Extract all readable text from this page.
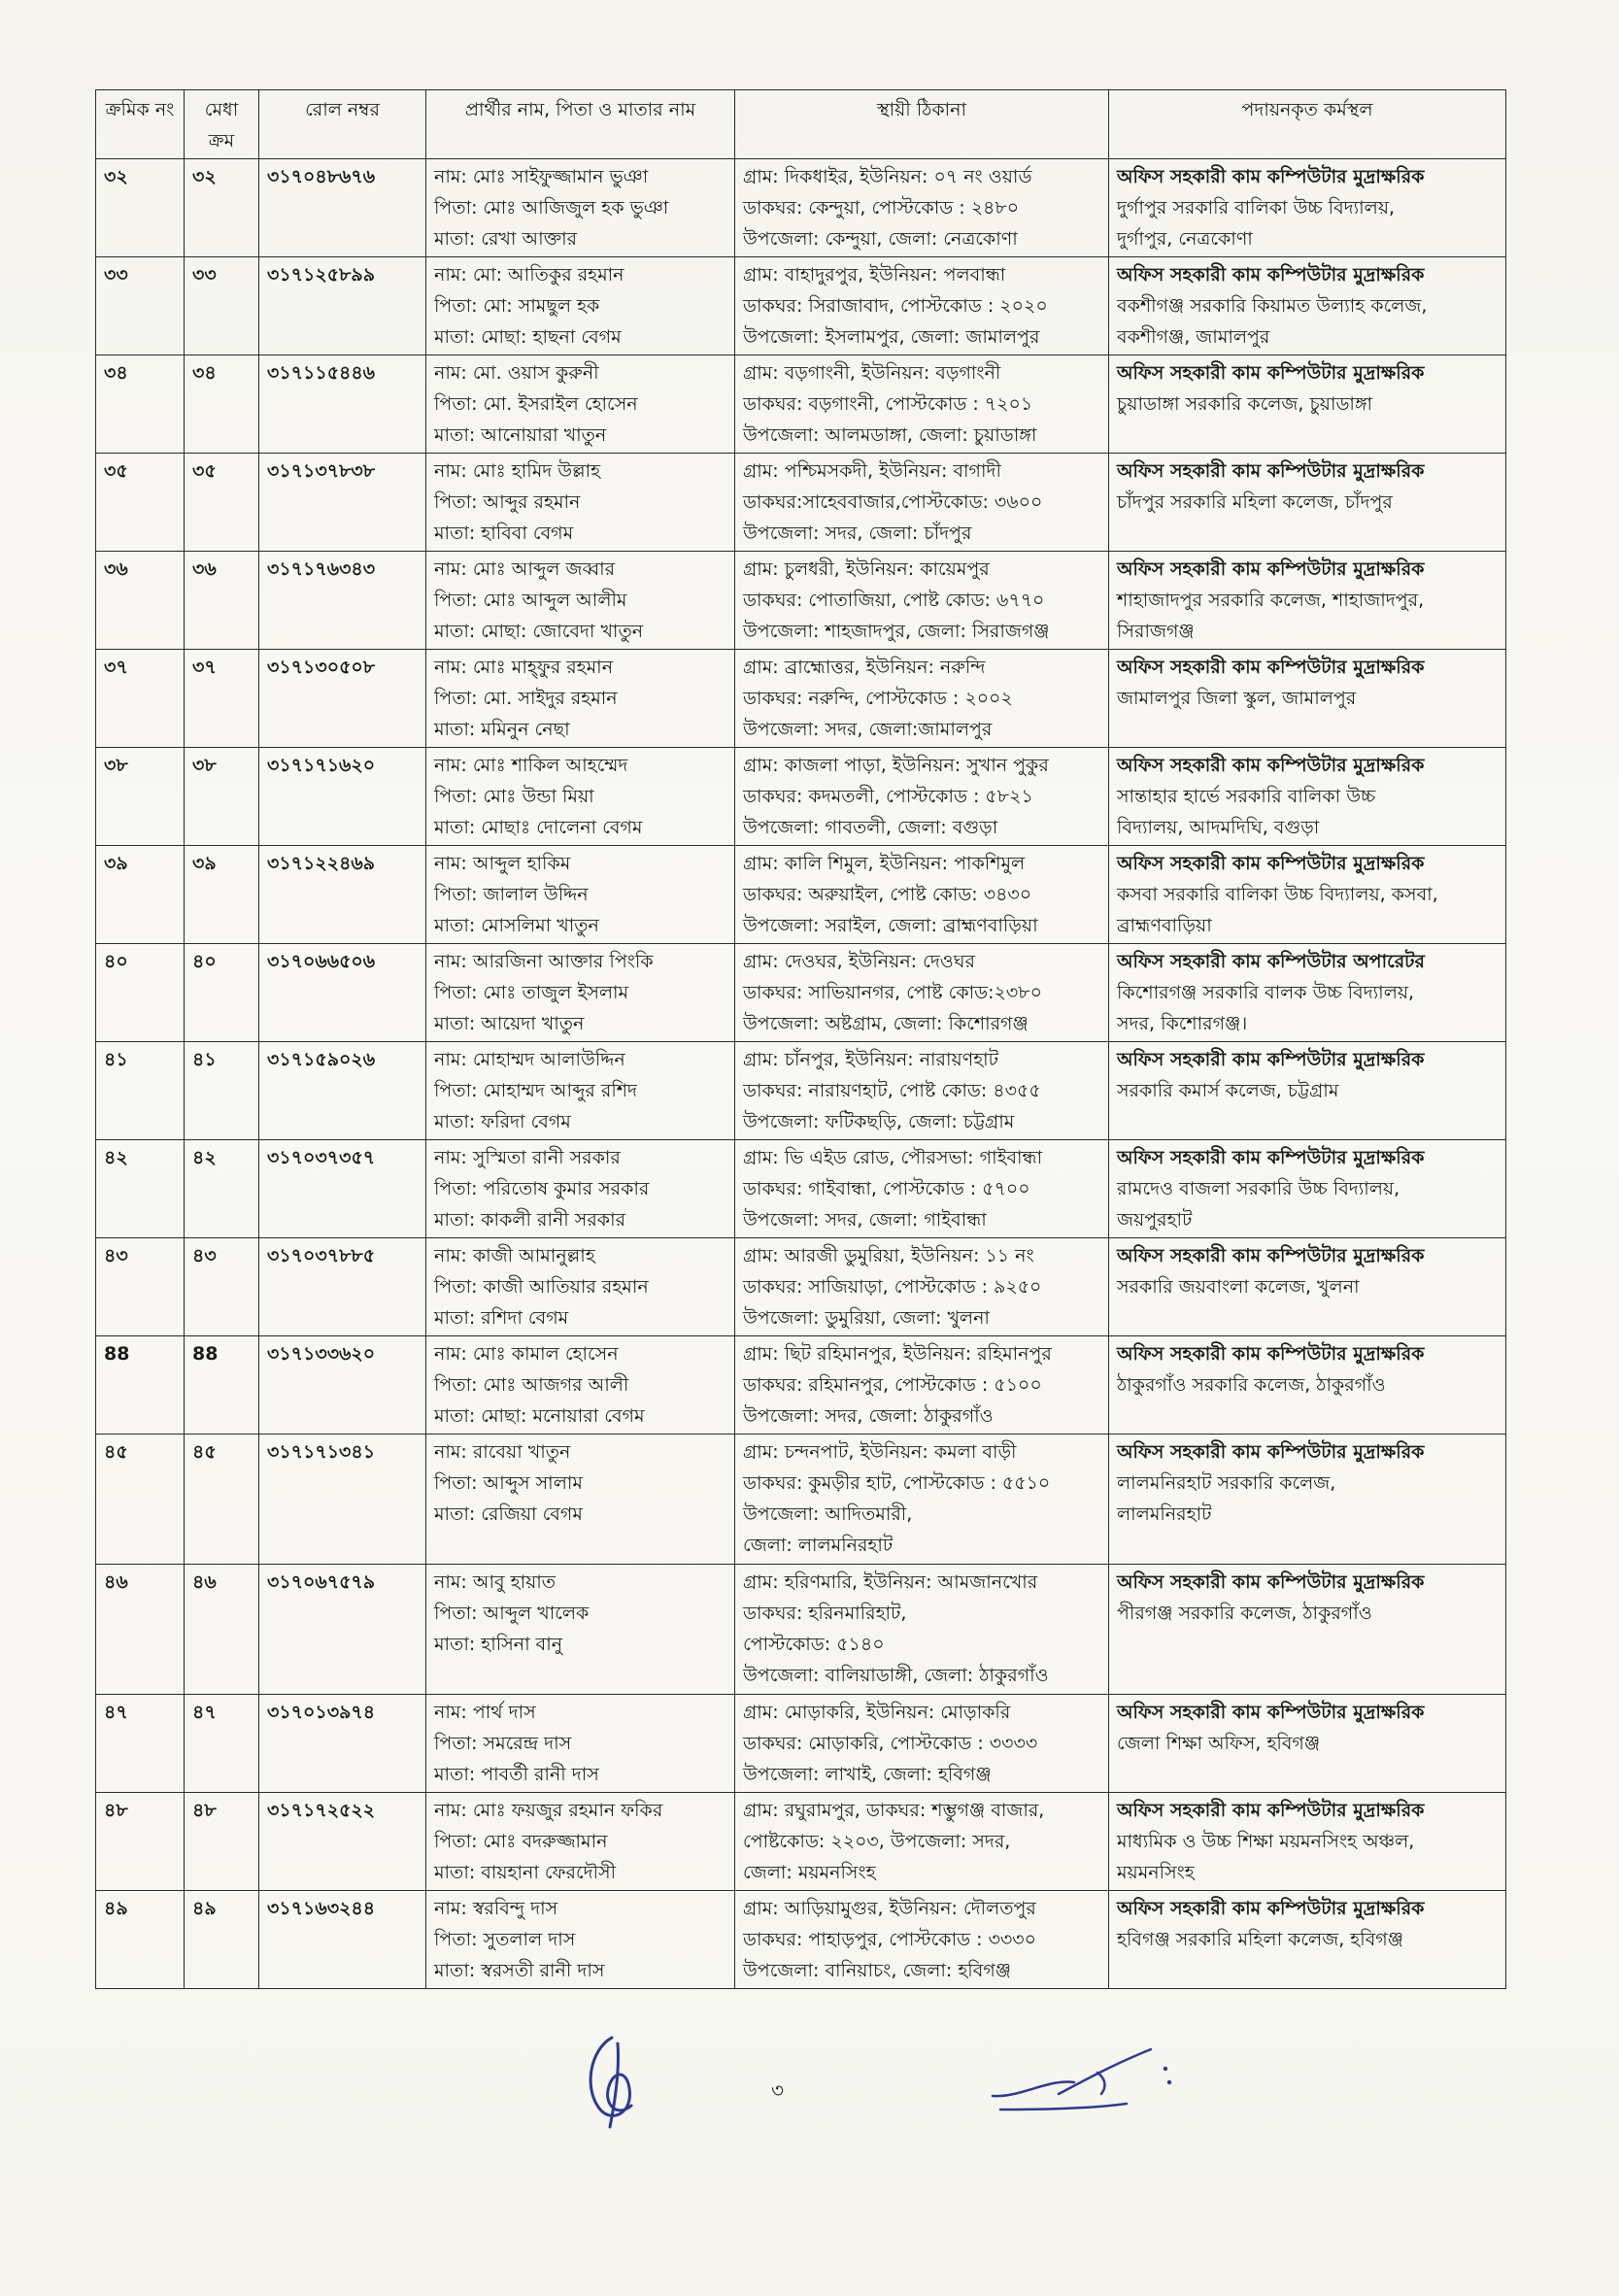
ক্রমিক নং	মেধা ক্রম	রোল নম্বর	প্রার্থীর নাম, পিতা ও মাতার নাম	স্থায়ী ঠিকানা	পদায়নকৃত কর্মস্থল
৩২	৩২	৩১৭০৪৮৬৭৬	নাম: মোঃ সাইফুজ্জামান ভুঞা
পিতা: মোঃ আজিজুল হক ভুঞা
মাতা: রেখা আক্তার	গ্রাম: দিকধাইর, ইউনিয়ন: ০৭ নং ওয়ার্ড
ডাকঘর: কেন্দুয়া, পোস্টকোড : ২৪৮০
উপজেলা: কেন্দুয়া, জেলা: নেত্রকোণা	অফিস সহকারী কাম কম্পিউটার মুদ্রাক্ষরিক
দুর্গাপুর সরকারি বালিকা উচ্চ বিদ্যালয়,
দুর্গাপুর, নেত্রকোণা

৩৩	৩৩	৩১৭১২৫৮৯৯	নাম: মো: আতিকুর রহমান
পিতা: মো: সামছুল হক
মাতা: মোছা: হাছনা বেগম	গ্রাম: বাহাদুরপুর, ইউনিয়ন: পলবান্ধা
ডাকঘর: সিরাজাবাদ, পোস্টকোড : ২০২০
উপজেলা: ইসলামপুর, জেলা: জামালপুর	অফিস সহকারী কাম কম্পিউটার মুদ্রাক্ষরিক
বকশীগঞ্জ সরকারি কিয়ামত উল্যাহ কলেজ,
বকশীগঞ্জ, জামালপুর

৩৪	৩৪	৩১৭১১৫৪৪৬	নাম: মো. ওয়াস কুরুনী
পিতা: মো. ইসরাইল হোসেন
মাতা: আনোয়ারা খাতুন	গ্রাম: বড়গাংনী, ইউনিয়ন: বড়গাংনী
ডাকঘর: বড়গাংনী, পোস্টকোড : ৭২০১
উপজেলা: আলমডাঙ্গা, জেলা: চুয়াডাঙ্গা	অফিস সহকারী কাম কম্পিউটার মুদ্রাক্ষরিক
চুয়াডাঙ্গা সরকারি কলেজ, চুয়াডাঙ্গা

৩৫	৩৫	৩১৭১৩৭৮৩৮	নাম: মোঃ হামিদ উল্লাহ
পিতা: আব্দুর রহমান
মাতা: হাবিবা বেগম	গ্রাম: পশ্চিমসকদী, ইউনিয়ন: বাগাদী
ডাকঘর:সাহেববাজার,পোস্টকোড: ৩৬০০
উপজেলা: সদর, জেলা: চাঁদপুর	অফিস সহকারী কাম কম্পিউটার মুদ্রাক্ষরিক
চাঁদপুর সরকারি মহিলা কলেজ, চাঁদপুর

৩৬	৩৬	৩১৭১৭৬৩৪৩	নাম: মোঃ আব্দুল জব্বার
পিতা: মোঃ আব্দুল আলীম
মাতা: মোছা: জোবেদা খাতুন	গ্রাম: চুলধরী, ইউনিয়ন: কায়েমপুর
ডাকঘর: পোতাজিয়া, পোষ্ট কোড: ৬৭৭০
উপজেলা: শাহজাদপুর, জেলা: সিরাজগঞ্জ	অফিস সহকারী কাম কম্পিউটার মুদ্রাক্ষরিক
শাহাজাদপুর সরকারি কলেজ, শাহাজাদপুর,
সিরাজগঞ্জ

৩৭	৩৭	৩১৭১৩০৫০৮	নাম: মোঃ মাহ্ফুর রহমান
পিতা: মো. সাইদুর রহমান
মাতা: মমিনুন নেছা	গ্রাম: ব্রাহ্মোত্তর, ইউনিয়ন: নরুন্দি
ডাকঘর: নরুন্দি, পোস্টকোড : ২০০২
উপজেলা: সদর, জেলা:জামালপুর	অফিস সহকারী কাম কম্পিউটার মুদ্রাক্ষরিক
জামালপুর জিলা স্কুল, জামালপুর

৩৮	৩৮	৩১৭১৭১৬২০	নাম: মোঃ শাকিল আহম্মেদ
পিতা: মোঃ উন্ডা মিয়া
মাতা: মোছাঃ দোলেনা বেগম	গ্রাম: কাজলা পাড়া, ইউনিয়ন: সুখান পুকুর
ডাকঘর: কদমতলী, পোস্টকোড : ৫৮২১
উপজেলা: গাবতলী, জেলা: বগুড়া	অফিস সহকারী কাম কম্পিউটার মুদ্রাক্ষরিক
সান্তাহার হার্ভে সরকারি বালিকা উচ্চ
বিদ্যালয়, আদমদিঘি, বগুড়া

৩৯	৩৯	৩১৭১২২৪৬৯	নাম: আব্দুল হাকিম
পিতা: জালাল উদ্দিন
মাতা: মোসলিমা খাতুন	গ্রাম: কালি শিমুল, ইউনিয়ন: পাকশিমুল
ডাকঘর: অরুয়াইল, পোষ্ট কোড: ৩৪৩০
উপজেলা: সরাইল, জেলা: ব্রাহ্মণবাড়িয়া	অফিস সহকারী কাম কম্পিউটার মুদ্রাক্ষরিক
কসবা সরকারি বালিকা উচ্চ বিদ্যালয়, কসবা,
ব্রাহ্মণবাড়িয়া

৪০	৪০	৩১৭০৬৬৫০৬	নাম: আরজিনা আক্তার পিংকি
পিতা: মোঃ তাজুল ইসলাম
মাতা: আয়েদা খাতুন	গ্রাম: দেওঘর, ইউনিয়ন: দেওঘর
ডাকঘর: সাভিয়ানগর, পোষ্ট কোড:২৩৮০
উপজেলা: অষ্টগ্রাম, জেলা: কিশোরগঞ্জ	অফিস সহকারী কাম কম্পিউটার অপারেটর
কিশোরগঞ্জ সরকারি বালক উচ্চ বিদ্যালয়,
সদর, কিশোরগঞ্জ।

৪১	৪১	৩১৭১৫৯০২৬	নাম: মোহাম্মদ আলাউদ্দিন
পিতা: মোহাম্মদ আব্দুর রশিদ
মাতা: ফরিদা বেগম	গ্রাম: চাঁনপুর, ইউনিয়ন: নারায়ণহাট
ডাকঘর: নারায়ণহাট, পোষ্ট কোড: ৪৩৫৫
উপজেলা: ফটিকছড়ি, জেলা: চট্টগ্রাম	অফিস সহকারী কাম কম্পিউটার মুদ্রাক্ষরিক
সরকারি কমার্স কলেজ, চট্টগ্রাম

৪২	৪২	৩১৭০৩৭৩৫৭	নাম: সুস্মিতা রানী সরকার
পিতা: পরিতোষ কুমার সরকার
মাতা: কাকলী রানী সরকার	গ্রাম: ভি এইড রোড, পৌরসভা: গাইবান্ধা
ডাকঘর: গাইবান্ধা, পোস্টকোড : ৫৭০০
উপজেলা: সদর, জেলা: গাইবান্ধা	অফিস সহকারী কাম কম্পিউটার মুদ্রাক্ষরিক
রামদেও বাজলা সরকারি উচ্চ বিদ্যালয়,
জয়পুরহাট

৪৩	৪৩	৩১৭০৩৭৮৮৫	নাম: কাজী আমানুল্লাহ
পিতা: কাজী আতিয়ার রহমান
মাতা: রশিদা বেগম	গ্রাম: আরজী ডুমুরিয়া, ইউনিয়ন: ১১ নং
ডাকঘর: সাজিয়াড়া, পোস্টকোড : ৯২৫০
উপজেলা: ডুমুরিয়া, জেলা: খুলনা	অফিস সহকারী কাম কম্পিউটার মুদ্রাক্ষরিক
সরকারি জয়বাংলা কলেজ, খুলনা

88	88	৩১৭১৩৩৬২০	নাম: মোঃ কামাল হোসেন
পিতা: মোঃ আজগর আলী
মাতা: মোছা: মনোয়ারা বেগম	গ্রাম: ছিট রহিমানপুর, ইউনিয়ন: রহিমানপুর
ডাকঘর: রহিমানপুর, পোস্টকোড : ৫১০০
উপজেলা: সদর, জেলা: ঠাকুরগাঁও	অফিস সহকারী কাম কম্পিউটার মুদ্রাক্ষরিক
ঠাকুরগাঁও সরকারি কলেজ, ঠাকুরগাঁও

৪৫	৪৫	৩১৭১৭১৩৪১	নাম: রাবেয়া খাতুন
পিতা: আব্দুস সালাম
মাতা: রেজিয়া বেগম	গ্রাম: চন্দনপাট, ইউনিয়ন: কমলা বাড়ী
ডাকঘর: কুমড়ীর হাট, পোস্টকোড : ৫৫১০
উপজেলা: আদিতমারী,
জেলা: লালমনিরহাট	অফিস সহকারী কাম কম্পিউটার মুদ্রাক্ষরিক
লালমনিরহাট সরকারি কলেজ,
লালমনিরহাট

৪৬	৪৬	৩১৭০৬৭৫৭৯	নাম: আবু হায়াত
পিতা: আব্দুল খালেক
মাতা: হাসিনা বানু	গ্রাম: হরিণমারি, ইউনিয়ন: আমজানখোর
ডাকঘর: হরিনমারিহাট,
পোস্টকোড: ৫১৪০
উপজেলা: বালিয়াডাঙ্গী, জেলা: ঠাকুরগাঁও	অফিস সহকারী কাম কম্পিউটার মুদ্রাক্ষরিক
পীরগঞ্জ সরকারি কলেজ, ঠাকুরগাঁও

৪৭	৪৭	৩১৭০১৩৯৭৪	নাম: পার্থ দাস
পিতা: সমরেন্দ্র দাস
মাতা: পাবর্তী রানী দাস	গ্রাম: মোড়াকরি, ইউনিয়ন: মোড়াকরি
ডাকঘর: মোড়াকরি, পোস্টকোড : ৩৩৩৩
উপজেলা: লাখাই, জেলা: হবিগঞ্জ	অফিস সহকারী কাম কম্পিউটার মুদ্রাক্ষরিক
জেলা শিক্ষা অফিস, হবিগঞ্জ

৪৮	৪৮	৩১৭১৭২৫২২	নাম: মোঃ ফয়জুর রহমান ফকির
পিতা: মোঃ বদরুজ্জামান
মাতা: বায়হানা ফেরদৌসী	গ্রাম: রঘুরামপুর, ডাকঘর: শম্ভুগঞ্জ বাজার,
পোষ্টকোড: ২২০৩, উপজেলা: সদর,
জেলা: ময়মনসিংহ	অফিস সহকারী কাম কম্পিউটার মুদ্রাক্ষরিক
মাধ্যমিক ও উচ্চ শিক্ষা ময়মনসিংহ অঞ্চল,
ময়মনসিংহ

৪৯	৪৯	৩১৭১৬৩২৪৪	নাম: স্বরবিন্দু দাস
পিতা: সুতলাল দাস
মাতা: স্বরসতী রানী দাস	গ্রাম: আড়িয়ামুগুর, ইউনিয়ন: দৌলতপুর
ডাকঘর: পাহাড়পুর, পোস্টকোড : ৩৩৩০
উপজেলা: বানিয়াচং, জেলা: হবিগঞ্জ	অফিস সহকারী কাম কম্পিউটার মুদ্রাক্ষরিক
হবিগঞ্জ সরকারি মহিলা কলেজ, হবিগঞ্জ
৩
